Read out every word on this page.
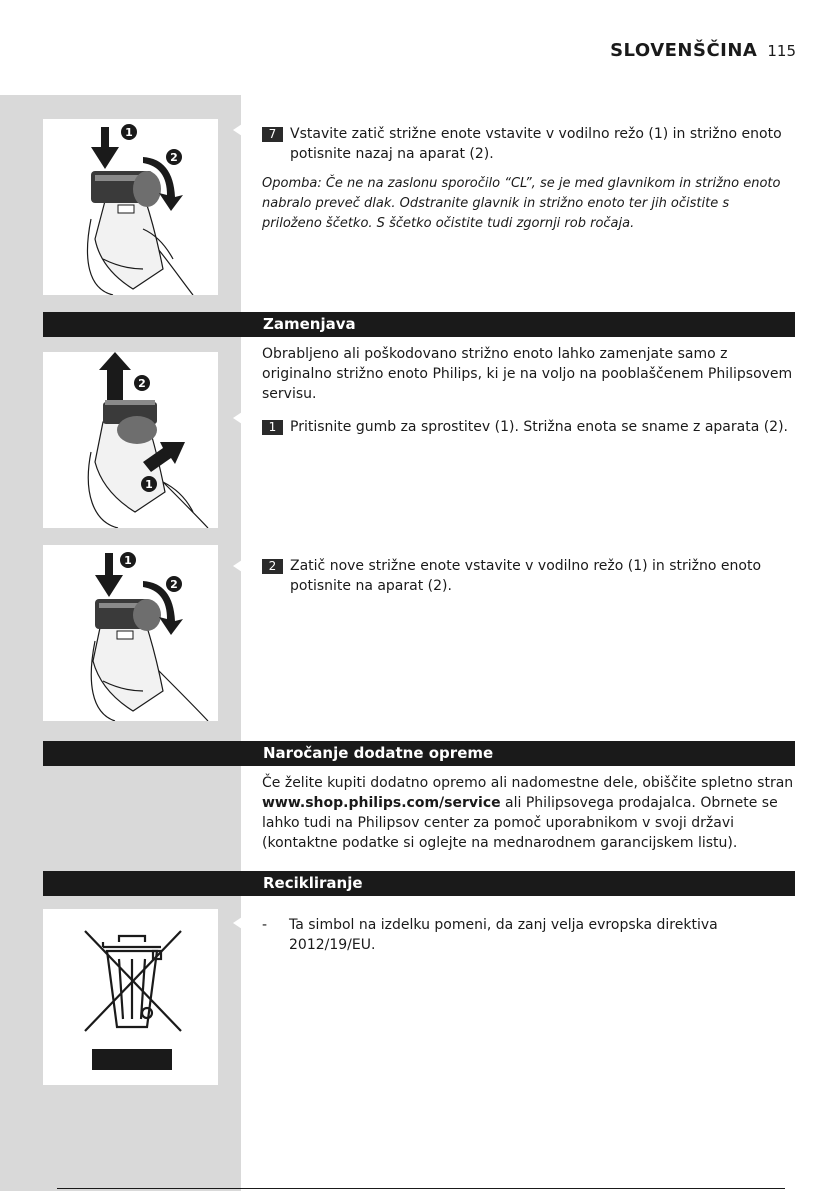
SLOVENŠČINA 115
1
2
7 Vstavite zatič strižne enote vstavite v vodilno režo (1) in strižno enoto potisnite nazaj na aparat (2).
Opomba: Če ne na zaslonu sporočilo “CL”, se je med glavnikom in strižno enoto nabralo preveč dlak. Odstranite glavnik in strižno enoto ter jih očistite s priloženo ščetko. S ščetko očistite tudi zgornji rob ročaja.
Zamenjava
Obrabljeno ali poškodovano strižno enoto lahko zamenjate samo z originalno strižno enoto Philips, ki je na voljo na pooblaščenem Philipsovem servisu.
2
1
1 Pritisnite gumb za sprostitev (1). Strižna enota se sname z aparata (2).
1
2
2 Zatič nove strižne enote vstavite v vodilno režo (1) in strižno enoto potisnite na aparat (2).
Naročanje dodatne opreme
Če želite kupiti dodatno opremo ali nadomestne dele, obiščite spletno stran www.shop.philips.com/service ali Philipsovega prodajalca. Obrnete se lahko tudi na Philipsov center za pomoč uporabnikom v svoji državi (kontaktne podatke si oglejte na mednarodnem garancijskem listu).
Recikliranje
- Ta simbol na izdelku pomeni, da zanj velja evropska direktiva 2012/19/EU.
